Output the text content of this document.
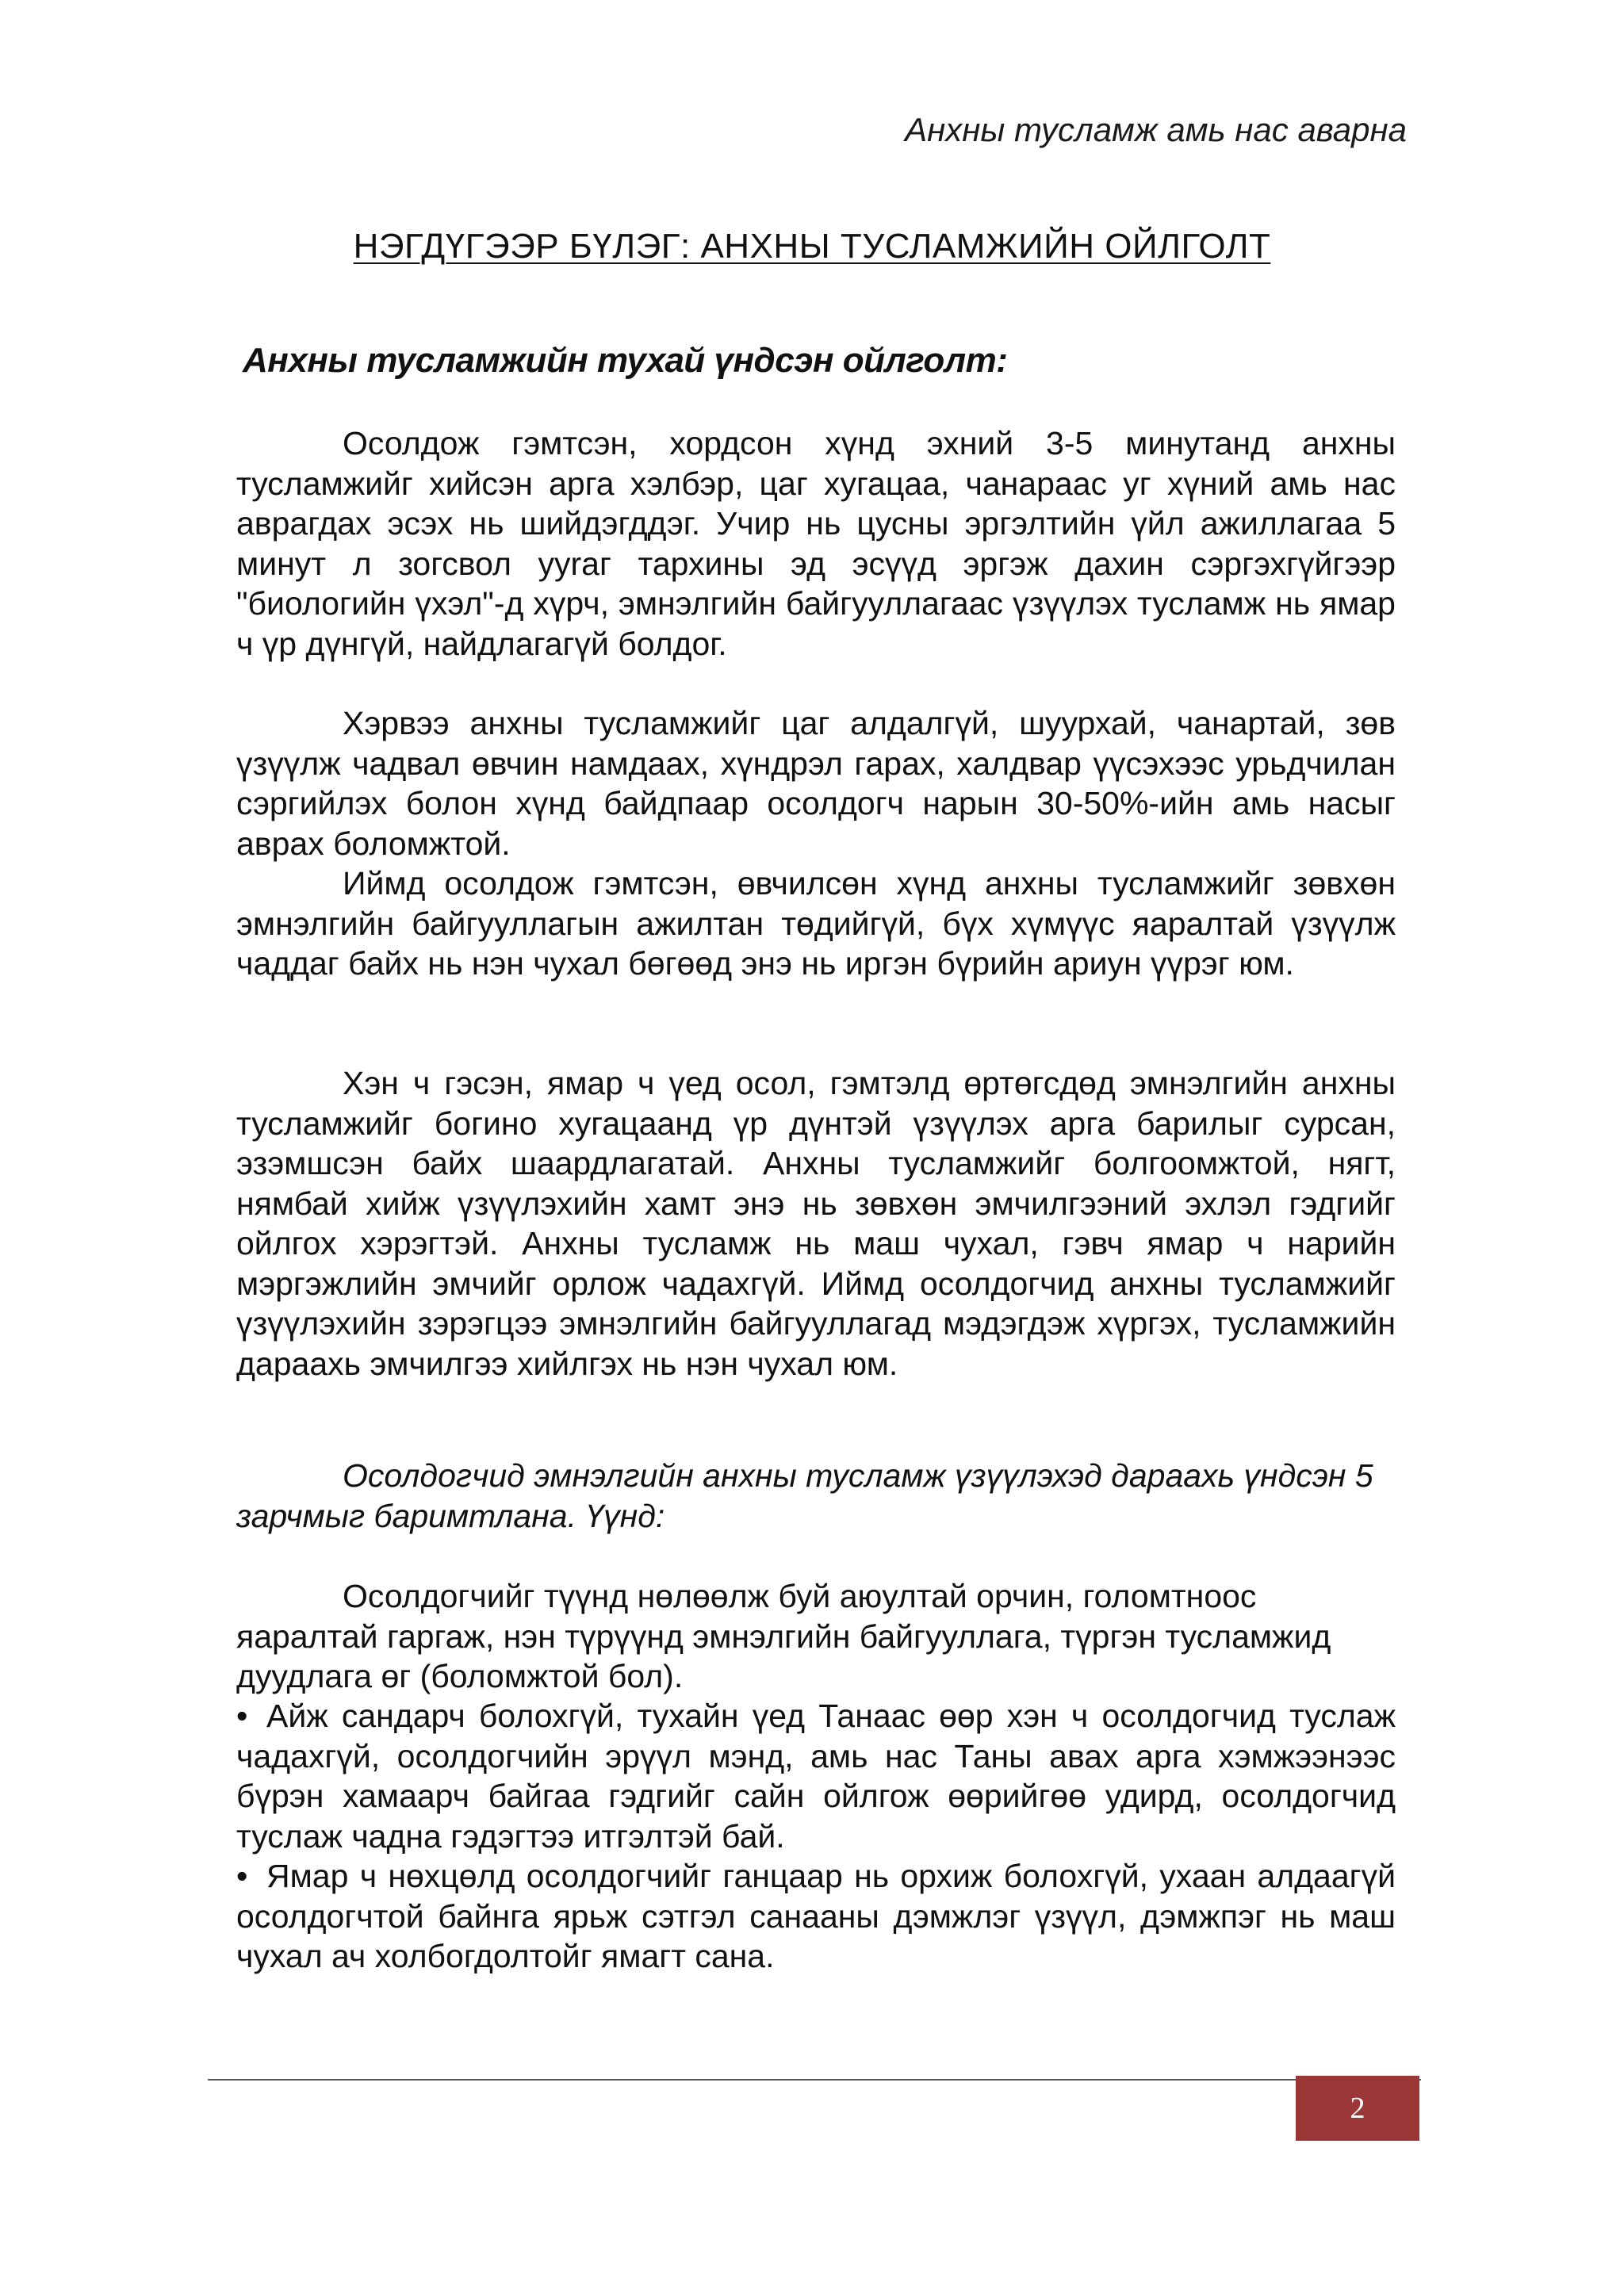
Анхны тусламж амь нас аварна
НЭГДҮГЭЭР БҮЛЭГ: АНХНЫ ТУСЛАМЖИЙН ОЙЛГОЛТ
Анхны тусламжийн тухай үндсэн ойлголт:

Осолдож гэмтсэн, хордсон хүнд эхний 3-5 минутанд анхны тусламжийг хийсэн арга хэлбэр, цаг хугацаа, чанараас уг хүний амь нас аврагдах эсэх нь шийдэгддэг. Учир нь цусны эргэлтийн үйл ажиллагаа 5 минут л зогсвол ууraг тархины эд эсүүд эргэж дахин сэргэхгүйгээр "биологийн үхэл"-д хүрч, эмнэлгийн байгууллагаас үзүүлэх тусламж нь ямар ч үр дүнгүй, найдлагагүй болдог.

Хэрвээ анхны тусламжийг цаг алдалгүй, шуурхай, чанартай, зөв үзүүлж чадвал өвчин намдаах, хүндрэл гарах, халдвар үүсэхээс урьдчилан сэргийлэх болон хүнд байдпаар осолдогч нарын 30-50%-ийн амь насыг аврах боломжтой.

Иймд осолдож гэмтсэн, өвчилсөн хүнд анхны тусламжийг зөвхөн эмнэлгийн байгууллагын ажилтан төдийгүй, бүх хүмүүс яаралтай үзүүлж чаддаг байх нь нэн чухал бөгөөд энэ нь иргэн бүрийн ариун үүрэг юм.

Хэн ч гэсэн, ямар ч үед осол, гэмтэлд өртөгсдөд эмнэлгийн анхны тусламжийг богино хугацаанд үр дүнтэй үзүүлэх арга барилыг сурсан, эзэмшсэн байх шаардлагатай. Анхны тусламжийг болгоомжтой, нягт, нямбай хийж үзүүлэхийн хамт энэ нь зөвхөн эмчилгээний эхлэл гэдгийг ойлгох хэрэгтэй. Анхны тусламж нь маш чухал, гэвч ямар ч нарийн мэргэжлийн эмчийг орлож чадахгүй. Иймд осолдогчид анхны тусламжийг үзүүлэхийн зэрэгцээ эмнэлгийн байгууллагад мэдэгдэж хүргэх, тусламжийн дараахь эмчилгээ хийлгэх нь нэн чухал юм.

Осолдогчид эмнэлгийн анхны тусламж үзүүлэхэд дараахь үндсэн 5 зарчмыг баримтлана. Үүнд:

Осолдогчийг түүнд нөлөөлж буй аюултай орчин, голомтноос яаралтай гаргаж, нэн түрүүнд эмнэлгийн байгууллага, түргэн тусламжид дуудлага өг (боломжтой бол).

• Айж сандарч болохгүй, тухайн үед Танаас өөр хэн ч осолдогчид туслаж чадахгүй, осолдогчийн эрүүл мэнд, амь нас Таны авах арга хэмжээнээс бүрэн хамаарч байгаа гэдгийг сайн ойлгож өөрийгөө удирд, осолдогчид туслаж чадна гэдэгтээ итгэлтэй бай.

• Ямар ч нөхцөлд осолдогчийг ганцаар нь орхиж болохгүй, ухаан алдаагүй осолдогчтой байнга ярьж сэтгэл санааны дэмжлэг үзүүл, дэмжпэг нь маш чухал ач холбогдолтойг ямагт сана.

2
